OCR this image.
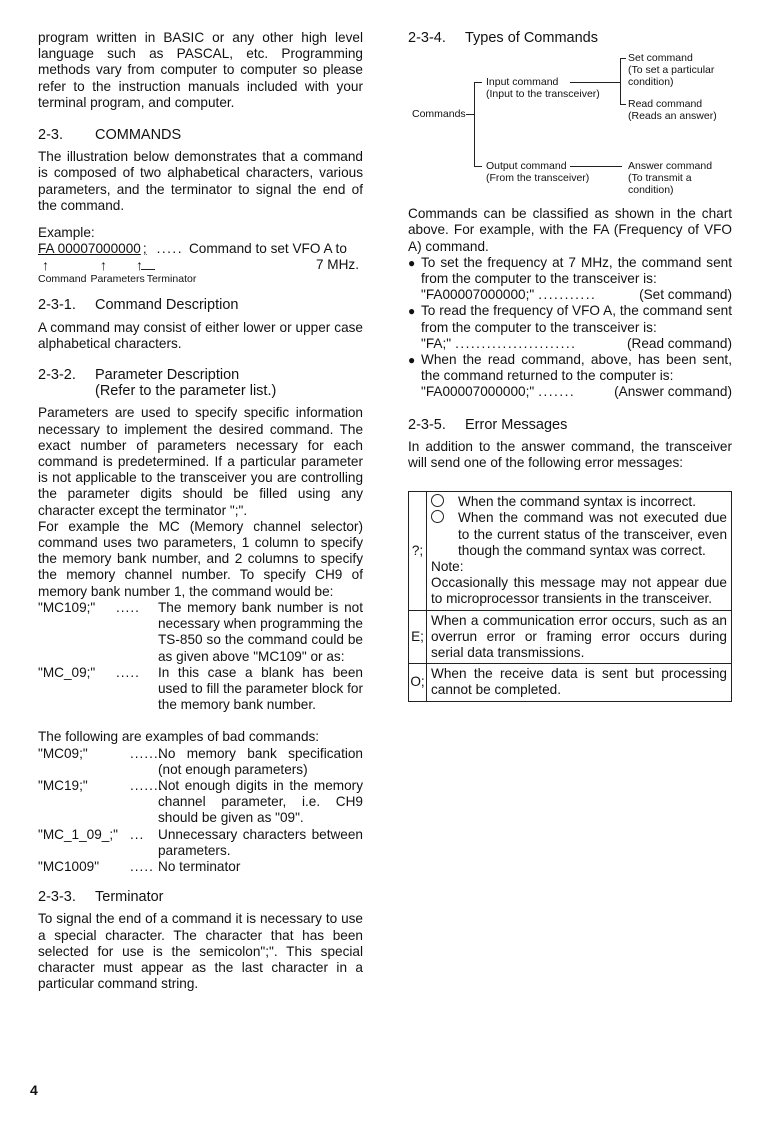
program written in BASIC or any other high level language such as PASCAL, etc. Programming methods vary from computer to computer so please refer to the instruction manuals included with your terminal program, and computer.

2-3. COMMANDS

The illustration below demonstrates that a command is composed of two alphabetical characters, various parameters, and the terminator to signal the end of the command.

Example:
FA 00007000000 ; ..... Command to set VFO A to
↑	↑ ↑	7 MHz.
Command Parameters Terminator
2-3-1. Command Description

A command may consist of either lower or upper case alphabetical characters.

2-3-2. Parameter Description
(Refer to the parameter list.)

Parameters are used to specify specific information necessary to implement the desired command. The exact number of parameters necessary for each command is predetermined. If a particular parameter is not applicable to the transceiver you are controlling the parameter digits should be filled using any character except the terminator ";".

For example the MC (Memory channel selector) command uses two parameters, 1 column to specify the memory bank number, and 2 columns to specify the memory channel number. To specify CH9 of memory bank number 1, the command would be:

"MC109;"	.....	The memory bank number is not necessary when programming the TS-850 so the command could be as given above "MC109" or as:
"MC_09;"	.....	In this case a blank has been used to fill the parameter block for the memory bank number.
The following are examples of bad commands:
"MC09;"	.......
No memory bank specification (not enough parameters)
"MC19;"	.......
Not enough digits in the memory channel parameter, i.e. CH9 should be given as "09".
"MC_1_09_;" ...	Unnecessary characters between parameters.
"MC1009"	..... No terminator
2-3-3. Terminator

To signal the end of a command it is necessary to use a special character. The character that has been selected for use is the semicolon";". This special character must appear as the last character in a particular command string.

2-3-4. Types of Commands
Commands
Input command
(Input to the transceiver)
Output command
(From the transceiver)
Set command
(To set a particular
condition)
Read command
(Reads an answer)
Answer command
(To transmit a
condition)

Commands can be classified as shown in the chart above. For example, with the FA (Frequency of VFO A) command.

● To set the frequency at 7 MHz, the command sent from the computer to the transceiver is:
"FA00007000000;" ...........	(Set command)
● To read the frequency of VFO A, the command sent from the computer to the transceiver is:
"FA;" .......................	(Read command)
● When the read command, above, has been sent, the command returned to the computer is:
"FA00007000000;" .......	(Answer command)
2-3-5. Error Messages

In addition to the answer command, the transceiver will send one of the following error messages:

?;	When the command syntax is incorrect.
When the command was not executed due to the current status of the transceiver, even though the command syntax was correct.
Note:

Occasionally this message may not appear due to microprocessor transients in the transceiver.

E;	When a communication error occurs, such as an overrun error or framing error occurs during serial data transmissions.

O;	When the receive data is sent but processing cannot be completed.

4
